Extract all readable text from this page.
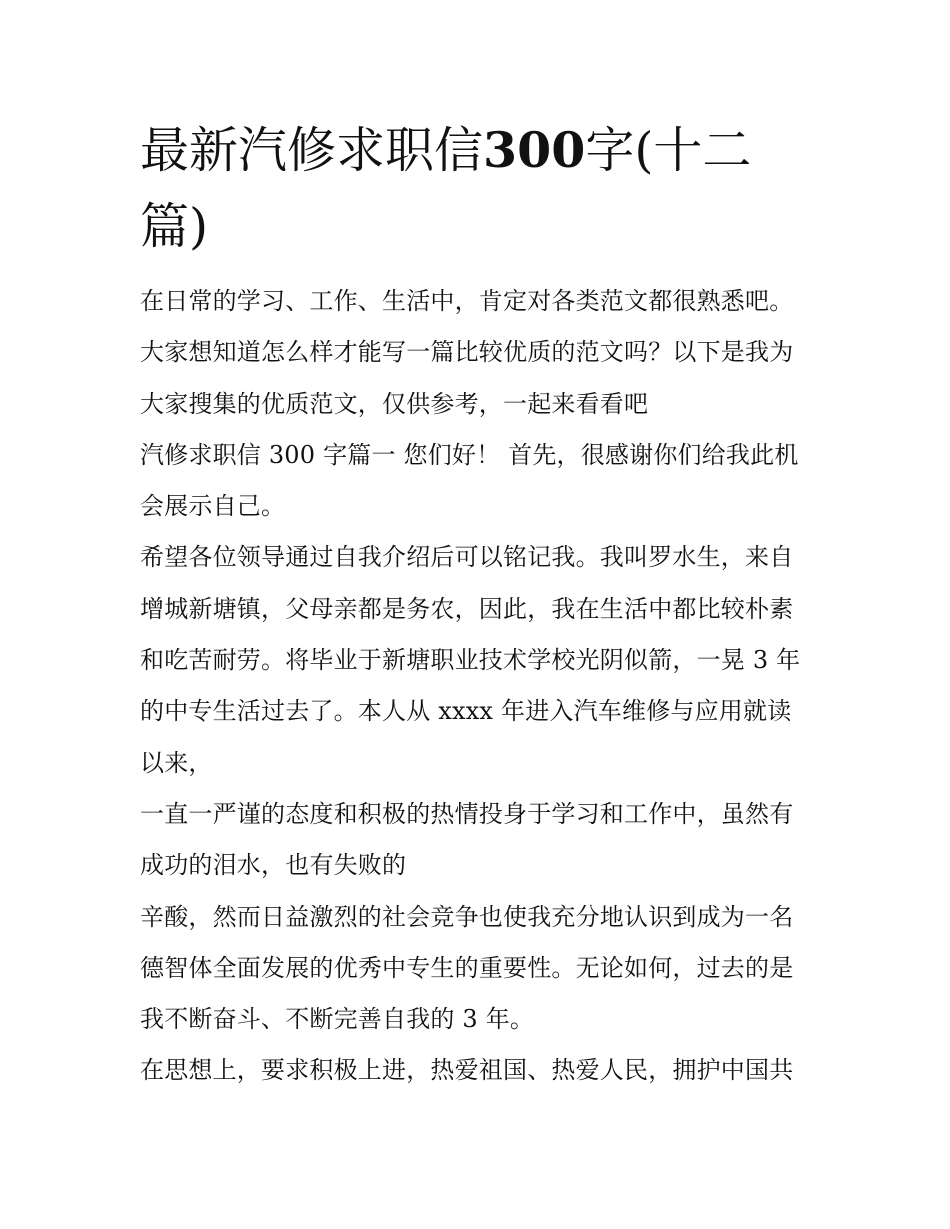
最新汽修求职信300字(十二
篇)
在日常的学习、工作、生活中，肯定对各类范文都很熟悉吧。
大家想知道怎么样才能写一篇比较优质的范文吗？以下是我为
大家搜集的优质范文，仅供参考，一起来看看吧
汽修求职信 300 字篇一 您们好！ 首先，很感谢你们给我此机
会展示自己。
希望各位领导通过自我介绍后可以铭记我。我叫罗水生，来自
增城新塘镇，父母亲都是务农，因此，我在生活中都比较朴素
和吃苦耐劳。将毕业于新塘职业技术学校光阴似箭，一晃 3 年
的中专生活过去了。本人从 xxxx 年进入汽车维修与应用就读
以来，
一直一严谨的态度和积极的热情投身于学习和工作中，虽然有
成功的泪水，也有失败的
辛酸，然而日益激烈的社会竞争也使我充分地认识到成为一名
德智体全面发展的优秀中专生的重要性。无论如何，过去的是
我不断奋斗、不断完善自我的 3 年。
在思想上，要求积极上进，热爱祖国、热爱人民，拥护中国共
